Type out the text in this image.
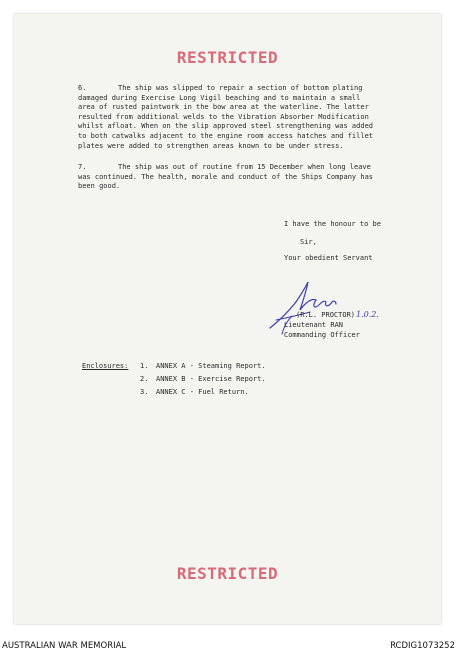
RESTRICTED

6.	The ship was slipped to repair a section of bottom plating damaged during Exercise Long Vigil beaching and to maintain a small area of rusted paintwork in the bow area at the waterline. The latter resulted from additional welds to the Vibration Absorber Modification whilst afloat. When on the slip approved steel strengthening was added to both catwalks adjacent to the engine room access hatches and fillet plates were added to strengthen areas known to be under stress.

7.	The ship was out of routine from 15 December when long leave was continued. The health, morale and conduct of the Ships Company has been good.

I have the honour to be
Sir,
Your obedient Servant
1.0.2.
(R.L. PROCTOR)
Lieutenant RAN
Commanding Officer
Enclosures: 1. ANNEX A - Steaming Report.
2. ANNEX B - Exercise Report.
3. ANNEX C - Fuel Return.
RESTRICTED
AUSTRALIAN WAR MEMORIAL	RCDIG1073252
